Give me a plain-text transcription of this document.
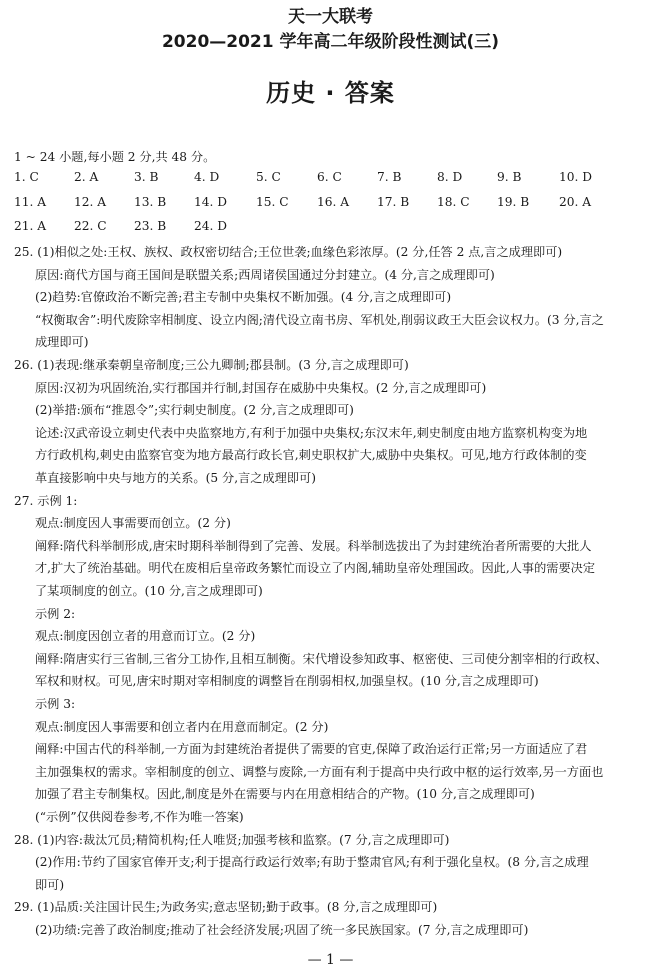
天一大联考
2020—2021 学年高二年级阶段性测试(三)
历史 · 答案
1 ~ 24 小题,每小题 2 分,共 48 分。
1. C	2. A	3. B	4. D	5. C	6. C	7. B	8. D	9. B	10. D
11. A 12. A 13. B 14. D 15. C 16. A 17. B 18. C 19. B 20. A
21. A 22. C 23. B 24. D
25. (1)相似之处:王权、族权、政权密切结合;王位世袭;血缘色彩浓厚。(2 分,任答 2 点,言之成理即可)
原因:商代方国与商王国间是联盟关系;西周诸侯国通过分封建立。(4 分,言之成理即可)
(2)趋势:官僚政治不断完善;君主专制中央集权不断加强。(4 分,言之成理即可)
“权衡取舍”:明代废除宰相制度、设立内阁;清代设立南书房、军机处,削弱议政王大臣会议权力。(3 分,言之
成理即可)
26. (1)表现:继承秦朝皇帝制度;三公九卿制;郡县制。(3 分,言之成理即可)
原因:汉初为巩固统治,实行郡国并行制,封国存在威胁中央集权。(2 分,言之成理即可)
(2)举措:颁布“推恩令”;实行刺史制度。(2 分,言之成理即可)
论述:汉武帝设立刺史代表中央监察地方,有利于加强中央集权;东汉末年,刺史制度由地方监察机构变为地
方行政机构,刺史由监察官变为地方最高行政长官,刺史职权扩大,威胁中央集权。可见,地方行政体制的变
革直接影响中央与地方的关系。(5 分,言之成理即可)
27. 示例 1:
观点:制度因人事需要而创立。(2 分)
阐释:隋代科举制形成,唐宋时期科举制得到了完善、发展。科举制选拔出了为封建统治者所需要的大批人
才,扩大了统治基础。明代在废相后皇帝政务繁忙而设立了内阁,辅助皇帝处理国政。因此,人事的需要决定
了某项制度的创立。(10 分,言之成理即可)
示例 2:
观点:制度因创立者的用意而订立。(2 分)
阐释:隋唐实行三省制,三省分工协作,且相互制衡。宋代增设参知政事、枢密使、三司使分割宰相的行政权、
军权和财权。可见,唐宋时期对宰相制度的调整旨在削弱相权,加强皇权。(10 分,言之成理即可)
示例 3:
观点:制度因人事需要和创立者内在用意而制定。(2 分)
阐释:中国古代的科举制,一方面为封建统治者提供了需要的官吏,保障了政治运行正常;另一方面适应了君
主加强集权的需求。宰相制度的创立、调整与废除,一方面有利于提高中央行政中枢的运行效率,另一方面也
加强了君主专制集权。因此,制度是外在需要与内在用意相结合的产物。(10 分,言之成理即可)
(“示例”仅供阅卷参考,不作为唯一答案)
28. (1)内容:裁汰冗员;精简机构;任人唯贤;加强考核和监察。(7 分,言之成理即可)
(2)作用:节约了国家官俸开支;利于提高行政运行效率;有助于整肃官风;有利于强化皇权。(8 分,言之成理
即可)
29. (1)品质:关注国计民生;为政务实;意志坚韧;勤于政事。(8 分,言之成理即可)
(2)功绩:完善了政治制度;推动了社会经济发展;巩固了统一多民族国家。(7 分,言之成理即可)
— 1 —
